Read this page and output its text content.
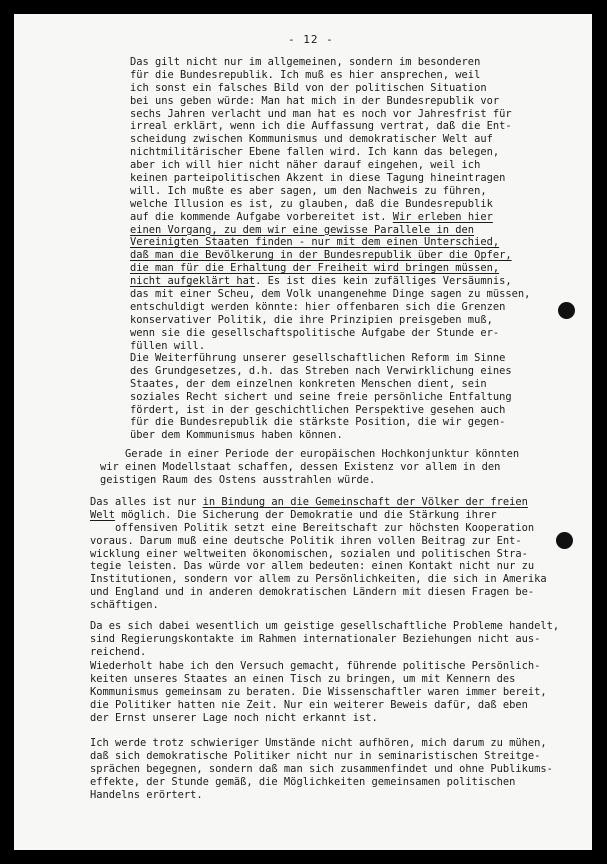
- 12 -
Das gilt nicht nur im allgemeinen, sondern im besonderen
für die Bundesrepublik. Ich muß es hier ansprechen, weil
ich sonst ein falsches Bild von der politischen Situation
bei uns geben würde: Man hat mich in der Bundesrepublik vor
sechs Jahren verlacht und man hat es noch vor Jahresfrist für
irreal erklärt, wenn ich die Auffassung vertrat, daß die Ent-
scheidung zwischen Kommunismus und demokratischer Welt auf
nichtmilitärischer Ebene fallen wird. Ich kann das belegen,
aber ich will hier nicht näher darauf eingehen, weil ich
keinen parteipolitischen Akzent in diese Tagung hineintragen
will. Ich mußte es aber sagen, um den Nachweis zu führen,
welche Illusion es ist, zu glauben, daß die Bundesrepublik
auf die kommende Aufgabe vorbereitet ist. Wir erleben hier
einen Vorgang, zu dem wir eine gewisse Parallele in den
Vereinigten Staaten finden - nur mit dem einen Unterschied,
daß man die Bevölkerung in der Bundesrepublik über die Opfer,
die man für die Erhaltung der Freiheit wird bringen müssen,
nicht aufgeklärt hat. Es ist dies kein zufälliges Versäumnis,
das mit einer Scheu, dem Volk unangenehme Dinge sagen zu müssen,
entschuldigt werden könnte: hier offenbaren sich die Grenzen
konservativer Politik, die ihre Prinzipien preisgeben muß,
wenn sie die gesellschaftspolitische Aufgabe der Stunde er-
füllen will.
Die Weiterführung unserer gesellschaftlichen Reform im Sinne
des Grundgesetzes, d.h. das Streben nach Verwirklichung eines
Staates, der dem einzelnen konkreten Menschen dient, sein
soziales Recht sichert und seine freie persönliche Entfaltung
fördert, ist in der geschichtlichen Perspektive gesehen auch
für die Bundesrepublik die stärkste Position, die wir gegen-
über dem Kommunismus haben können.
Gerade in einer Periode der europäischen Hochkonjunktur könnten
wir einen Modellstaat schaffen, dessen Existenz vor allem in den
geistigen Raum des Ostens ausstrahlen würde.
Das alles ist nur in Bindung an die Gemeinschaft der Völker der freien
Welt möglich. Die Sicherung der Demokratie und die Stärkung ihrer
offensiven Politik setzt eine Bereitschaft zur höchsten Kooperation
voraus. Darum muß eine deutsche Politik ihren vollen Beitrag zur Ent-
wicklung einer weltweiten ökonomischen, sozialen und politischen Stra-
tegie leisten. Das würde vor allem bedeuten: einen Kontakt nicht nur zu
Institutionen, sondern vor allem zu Persönlichkeiten, die sich in Amerika
und England und in anderen demokratischen Ländern mit diesen Fragen be-
schäftigen.
Da es sich dabei wesentlich um geistige gesellschaftliche Probleme handelt,
sind Regierungskontakte im Rahmen internationaler Beziehungen nicht aus-
reichend.
Wiederholt habe ich den Versuch gemacht, führende politische Persönlich-
keiten unseres Staates an einen Tisch zu bringen, um mit Kennern des
Kommunismus gemeinsam zu beraten. Die Wissenschaftler waren immer bereit,
die Politiker hatten nie Zeit. Nur ein weiterer Beweis dafür, daß eben
der Ernst unserer Lage noch nicht erkannt ist.
Ich werde trotz schwieriger Umstände nicht aufhören, mich darum zu mühen,
daß sich demokratische Politiker nicht nur in seminaristischen Streitge-
sprächen begegnen, sondern daß man sich zusammenfindet und ohne Publikums-
effekte, der Stunde gemäß, die Möglichkeiten gemeinsamen politischen
Handelns erörtert.
